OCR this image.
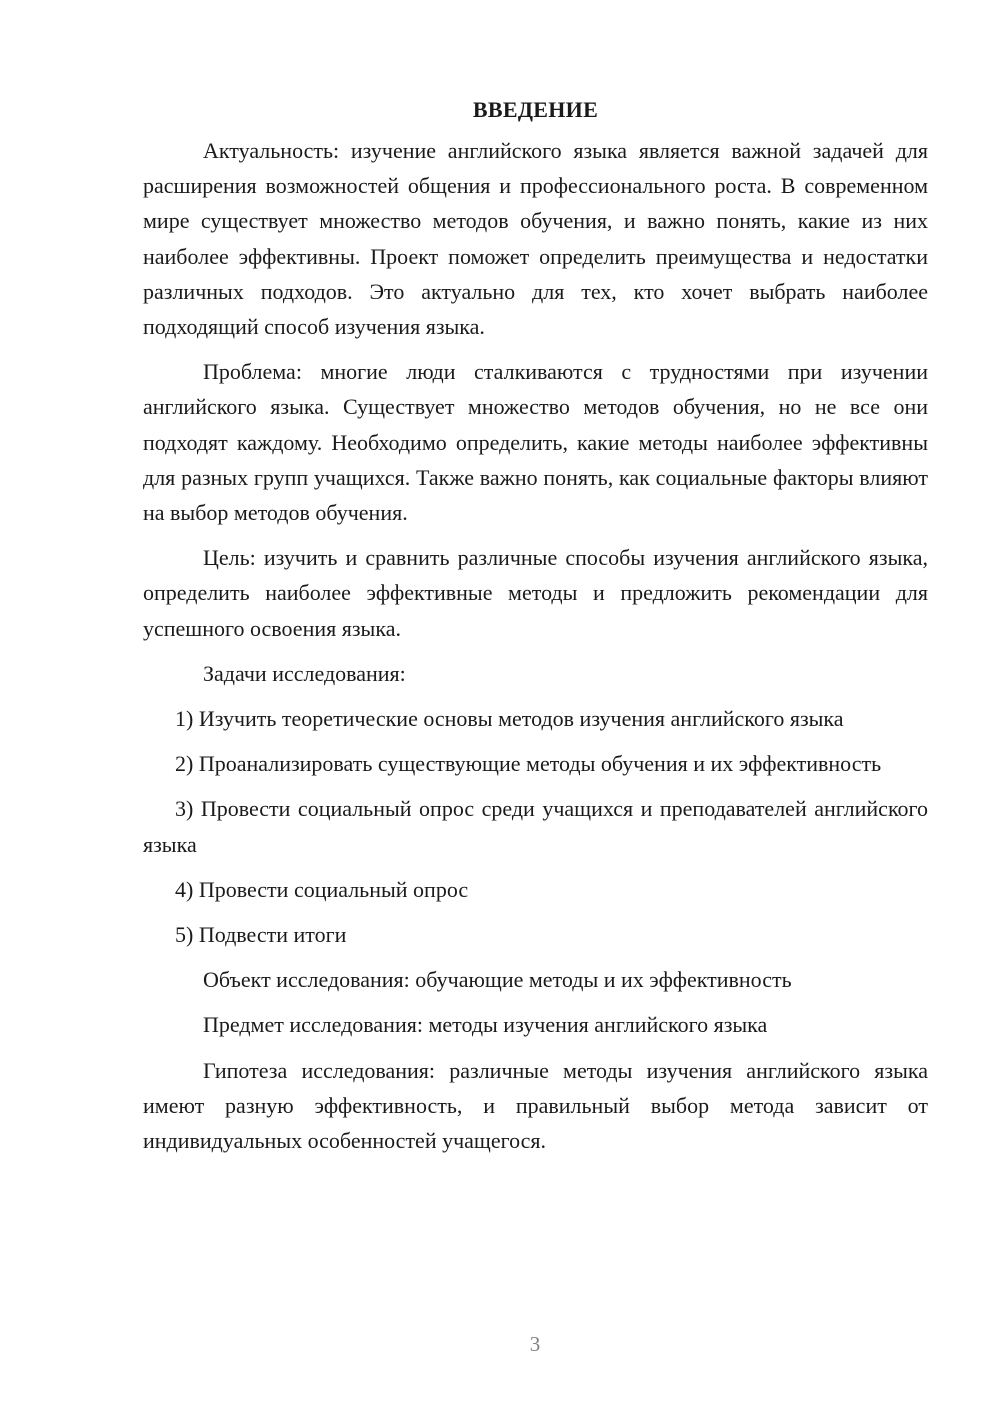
ВВЕДЕНИЕ

Актуальность: изучение английского языка является важной задачей для расширения возможностей общения и профессионального роста. В современном мире существует множество методов обучения, и важно понять, какие из них наиболее эффективны. Проект поможет определить преимущества и недостатки различных подходов. Это актуально для тех, кто хочет выбрать наиболее подходящий способ изучения языка.

Проблема: многие люди сталкиваются с трудностями при изучении английского языка. Существует множество методов обучения, но не все они подходят каждому. Необходимо определить, какие методы наиболее эффективны для разных групп учащихся. Также важно понять, как социальные факторы влияют на выбор методов обучения.

Цель: изучить и сравнить различные способы изучения английского языка, определить наиболее эффективные методы и предложить рекомендации для успешного освоения языка.

Задачи исследования:

1) Изучить теоретические основы методов изучения английского языка

2) Проанализировать существующие методы обучения и их эффективность

3) Провести социальный опрос среди учащихся и преподавателей английского языка

4) Провести социальный опрос

5) Подвести итоги

Объект исследования: обучающие методы и их эффективность

Предмет исследования: методы изучения английского языка

Гипотеза исследования: различные методы изучения английского языка имеют разную эффективность, и правильный выбор метода зависит от индивидуальных особенностей учащегося.

3
